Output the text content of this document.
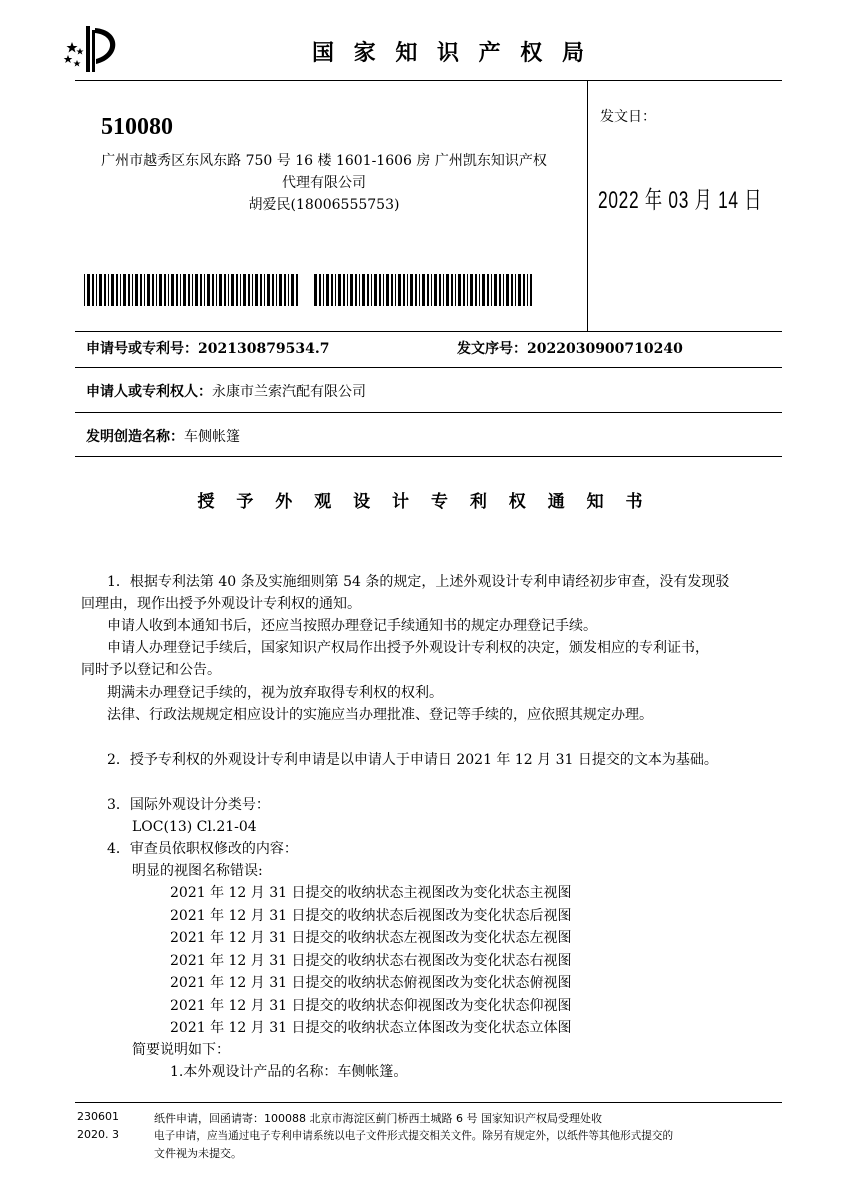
国 家 知 识 产 权 局
510080
广州市越秀区东风东路 750 号 16 楼 1601-1606 房 广州凯东知识产权
代理有限公司
胡爱民(18006555753)
发文日：
2022 年 03 月 14 日
申请号或专利号：202130879534.7	发文序号：2022030900710240
申请人或专利权人：永康市兰索汽配有限公司
发明创造名称：车侧帐篷
授 予 外 观 设 计 专 利 权 通 知 书
1．根据专利法第 40 条及实施细则第 54 条的规定，上述外观设计专利申请经初步审查，没有发现驳
回理由，现作出授予外观设计专利权的通知。
申请人收到本通知书后，还应当按照办理登记手续通知书的规定办理登记手续。
申请人办理登记手续后，国家知识产权局作出授予外观设计专利权的决定，颁发相应的专利证书，
同时予以登记和公告。
期满未办理登记手续的，视为放弃取得专利权的权利。
法律、行政法规规定相应设计的实施应当办理批准、登记等手续的，应依照其规定办理。
2．授予专利权的外观设计专利申请是以申请人于申请日 2021 年 12 月 31 日提交的文本为基础。
3．国际外观设计分类号：
LOC(13) Cl.21-04
4．审查员依职权修改的内容：
明显的视图名称错误:
2021 年 12 月 31 日提交的收纳状态主视图改为变化状态主视图
2021 年 12 月 31 日提交的收纳状态后视图改为变化状态后视图
2021 年 12 月 31 日提交的收纳状态左视图改为变化状态左视图
2021 年 12 月 31 日提交的收纳状态右视图改为变化状态右视图
2021 年 12 月 31 日提交的收纳状态俯视图改为变化状态俯视图
2021 年 12 月 31 日提交的收纳状态仰视图改为变化状态仰视图
2021 年 12 月 31 日提交的收纳状态立体图改为变化状态立体图
简要说明如下：
1.本外观设计产品的名称：车侧帐篷。
230601	纸件申请，回函请寄：100088 北京市海淀区蓟门桥西土城路 6 号 国家知识产权局受理处收
2020. 3	电子申请，应当通过电子专利申请系统以电子文件形式提交相关文件。除另有规定外，以纸件等其他形式提交的
文件视为未提交。
